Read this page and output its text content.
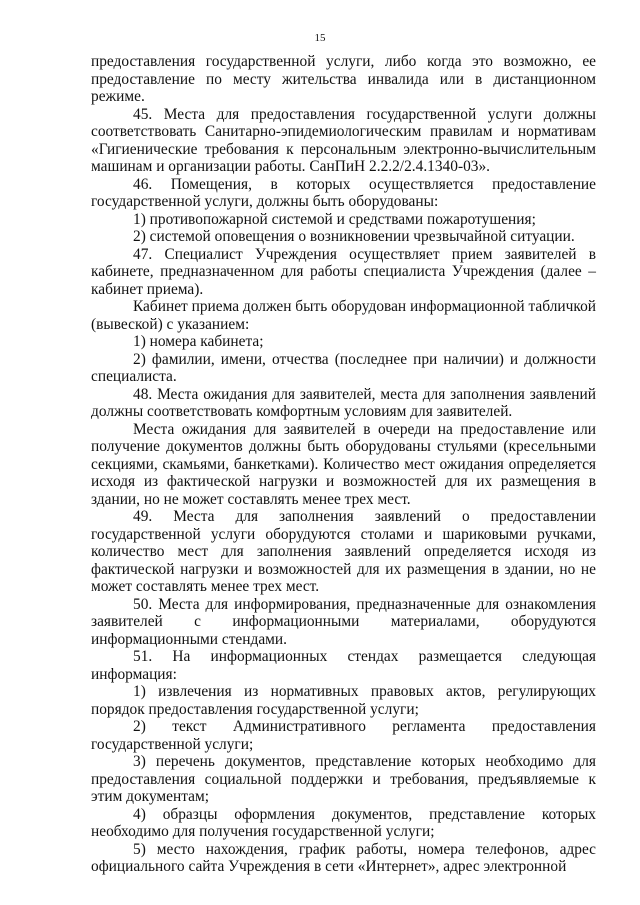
15

предоставления государственной услуги, либо когда это возможно, ее предоставление по месту жительства инвалида или в дистанционном режиме.

45. Места для предоставления государственной услуги должны соответствовать Санитарно-эпидемиологическим правилам и нормативам «Гигиенические требования к персональным электронно-вычислительным машинам и организации работы. СанПиН 2.2.2/2.4.1340-03».

46. Помещения, в которых осуществляется предоставление государственной услуги, должны быть оборудованы:

1) противопожарной системой и средствами пожаротушения;

2) системой оповещения о возникновении чрезвычайной ситуации.

47. Специалист Учреждения осуществляет прием заявителей в кабинете, предназначенном для работы специалиста Учреждения (далее – кабинет приема).

Кабинет приема должен быть оборудован информационной табличкой (вывеской) с указанием:

1) номера кабинета;

2) фамилии, имени, отчества (последнее при наличии) и должности специалиста.

48. Места ожидания для заявителей, места для заполнения заявлений должны соответствовать комфортным условиям для заявителей.

Места ожидания для заявителей в очереди на предоставление или получение документов должны быть оборудованы стульями (кресельными секциями, скамьями, банкетками). Количество мест ожидания определяется исходя из фактической нагрузки и возможностей для их размещения в здании, но не может составлять менее трех мест.

49. Места для заполнения заявлений о предоставлении государственной услуги оборудуются столами и шариковыми ручками, количество мест для заполнения заявлений определяется исходя из фактической нагрузки и возможностей для их размещения в здании, но не может составлять менее трех мест.

50. Места для информирования, предназначенные для ознакомления заявителей с информационными материалами, оборудуются информационными стендами.

51. На информационных стендах размещается следующая информация:

1) извлечения из нормативных правовых актов, регулирующих порядок предоставления государственной услуги;

2) текст Административного регламента предоставления государственной услуги;

3) перечень документов, представление которых необходимо для предоставления социальной поддержки и требования, предъявляемые к этим документам;

4) образцы оформления документов, представление которых необходимо для получения государственной услуги;

5) место нахождения, график работы, номера телефонов, адрес официального сайта Учреждения в сети «Интернет», адрес электронной
